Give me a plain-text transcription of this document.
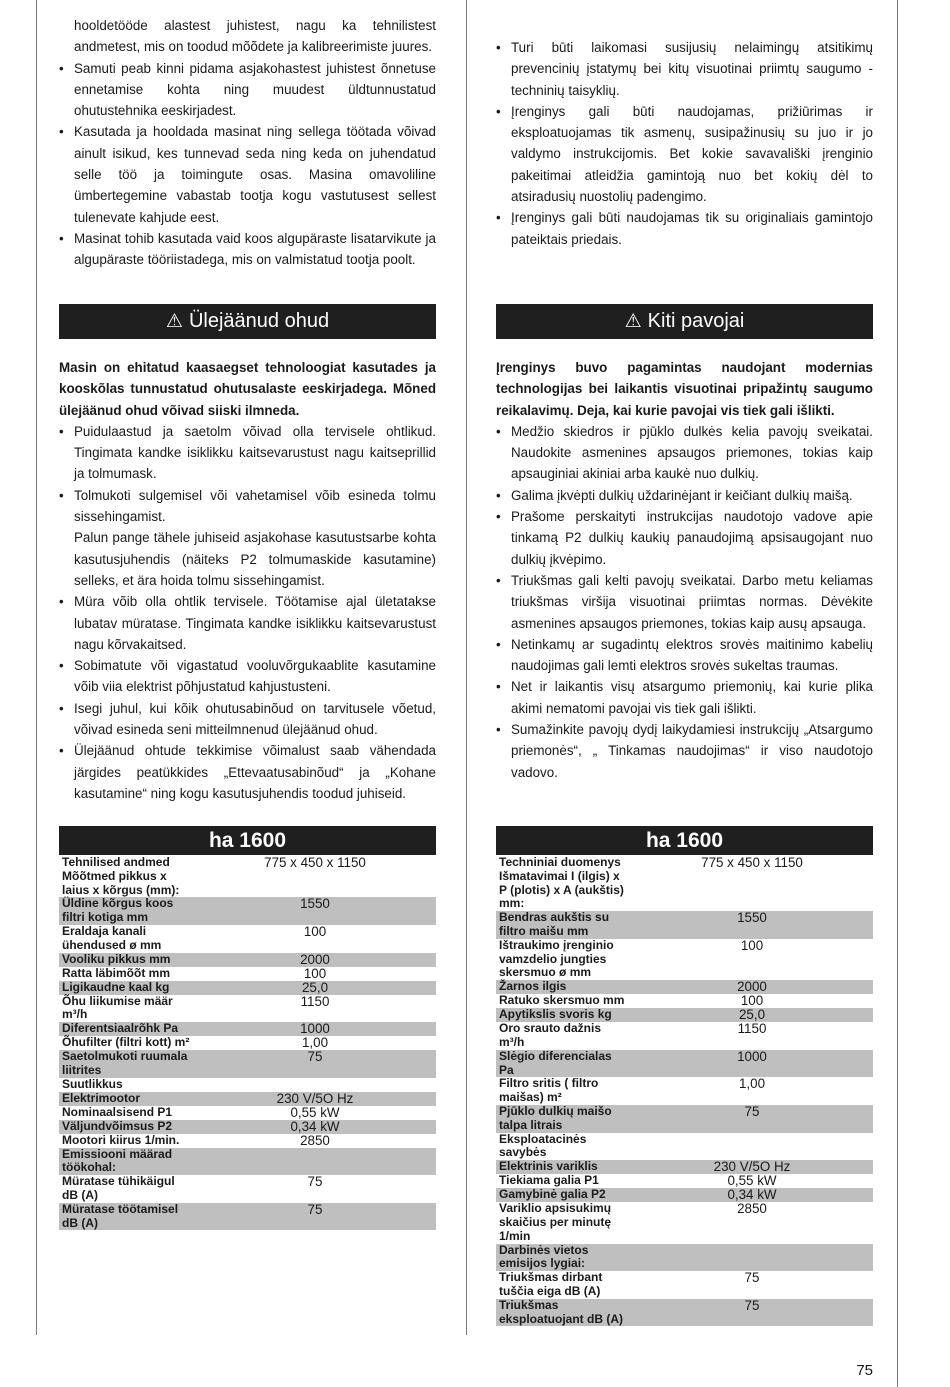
hooldetööde alastest juhistest, nagu ka tehnilistest andmetest, mis on toodud mõõdete ja kalibreerimiste juures.
• Samuti peab kinni pidama asjakohastest juhistest õnnetuse ennetamise kohta ning muudest üldtunnustatud ohutustehnika eeskirjadest.
• Kasutada ja hooldada masinat ning sellega töötada võivad ainult isikud, kes tunnevad seda ning keda on juhendatud selle töö ja toimingute osas. Masina omavoliline ümbertegemine vabastab tootja kogu vastutusest sellest tulenevate kahjude eest.
• Masinat tohib kasutada vaid koos algupäraste lisatarvikute ja algupäraste tööriistadega, mis on valmistatud tootja poolt.
⚠ Ülejäänud ohud

Masin on ehitatud kaasaegset tehnoloogiat kasutades ja kooskõlas tunnustatud ohutusalaste eeskirjadega. Mõned ülejäänud ohud võivad siiski ilmneda.

• Puidulaastud ja saetolm võivad olla tervisele ohtlikud. Tingimata kandke isiklikku kaitsevarustust nagu kaitseprillid ja tolmumask.
• Tolmukoti sulgemisel või vahetamisel võib esineda tolmu sissehingamist.
Palun pange tähele juhiseid asjakohase kasutustsarbe kohta kasutusjuhendis (näiteks P2 tolmumaskide kasutamine) selleks, et ära hoida tolmu sissehingamist.
• Müra võib olla ohtlik tervisele. Töötamise ajal ületatakse lubatav müratase. Tingimata kandke isiklikku kaitsevarustust nagu kõrvakaitsed.
• Sobimatute või vigastatud vooluvõrgukaablite kasutamine võib viia elektrist põhjustatud kahjustusteni.
• Isegi juhul, kui kõik ohutusabinõud on tarvitusele võetud, võivad esineda seni mitteilmnenud ülejäänud ohud.
• Ülejäänud ohtude tekkimise võimalust saab vähendada järgides peatükkides „Ettevaatusabinõud“ ja „Kohane kasutamine“ ning kogu kasutusjuhendis toodud juhiseid.
ha 1600
Tehnilised andmed Mõõtmed pikkus x laius x kõrgus (mm):	775 x 450 x 1150
Üldine kõrgus koos filtri kotiga mm	1550
Eraldaja kanali ühendused ø mm	100
Vooliku pikkus mm	2000
Ratta läbimõõt mm	100
Ligikaudne kaal kg	25,0
Õhu liikumise määr m³/h	1150
Diferentsiaalrõhk Pa	1000
Õhufilter (filtri kott) m²	1,00
Saetolmukoti ruumala liitrites	75
Suutlikkus	
Elektrimootor	230 V/5O Hz
Nominaalsisend P1	0,55 kW
Väljundvõimsus P2	0,34 kW
Mootori kiirus 1/min.	2850
Emissiooni määrad töökohal:	
Müratase tühikäigul dB (A)	75
Müratase töötamisel dB (A)	75
• Turi būti laikomasi susijusių nelaimingų atsitikimų prevencinių įstatymų bei kitų visuotinai priimtų saugumo - techninių taisyklių.
• Įrenginys gali būti naudojamas, prižiūrimas ir eksploatuojamas tik asmenų, susipažinusių su juo ir jo valdymo instrukcijomis. Bet kokie savavališki įrenginio pakeitimai atleidžia gamintoją nuo bet kokių dėl to atsiradusių nuostolių padengimo.
• Įrenginys gali būti naudojamas tik su originaliais gamintojo pateiktais priedais.
⚠ Kiti pavojai

Įrenginys buvo pagamintas naudojant modernias technologijas bei laikantis visuotinai pripažintų saugumo reikalavimų. Deja, kai kurie pavojai vis tiek gali išlikti.

• Medžio skiedros ir pjūklo dulkės kelia pavojų sveikatai. Naudokite asmenines apsaugos priemones, tokias kaip apsauginiai akiniai arba kaukė nuo dulkių.
• Galima įkvėpti dulkių uždarinėjant ir keičiant dulkių maišą.
• Prašome perskaityti instrukcijas naudotojo vadove apie tinkamą P2 dulkių kaukių panaudojimą apsisaugojant nuo dulkių įkvėpimo.
• Triukšmas gali kelti pavojų sveikatai. Darbo metu keliamas triukšmas viršija visuotinai priimtas normas. Dėvėkite asmenines apsaugos priemones, tokias kaip ausų apsauga.
• Netinkamų ar sugadintų elektros srovės maitinimo kabelių naudojimas gali lemti elektros srovės sukeltas traumas.
• Net ir laikantis visų atsargumo priemonių, kai kurie plika akimi nematomi pavojai vis tiek gali išlikti.
• Sumažinkite pavojų dydį laikydamiesi instrukcijų „Atsargumo priemonės“, „ Tinkamas naudojimas“ ir viso naudotojo vadovo.
ha 1600
Techniniai duomenys Išmatavimai I (ilgis) x P (plotis) x A (aukštis) mm:	775 x 450 x 1150
Bendras aukštis su filtro maišu mm	1550
Ištraukimo įrenginio vamzdelio jungties skersmuo ø mm	100
Žarnos ilgis	2000
Ratuko skersmuo mm	100
Apytikslis svoris kg	25,0
Oro srauto dažnis m³/h	1150
Slėgio diferencialas Pa	1000
Filtro sritis ( filtro maišas) m²	1,00
Pjūklo dulkių maišo talpa litrais	75
Eksploatacinės savybės	
Elektrinis variklis	230 V/5O Hz
Tiekiama galia P1	0,55 kW
Gamybinė galia P2	0,34 kW
Variklio apsisukimų skaičius per minutę 1/min	2850
Darbinės vietos emisijos lygiai:	
Triukšmas dirbant tuščia eiga dB (A)	75
Triukšmas eksploatuojant dB (A)	75
75
